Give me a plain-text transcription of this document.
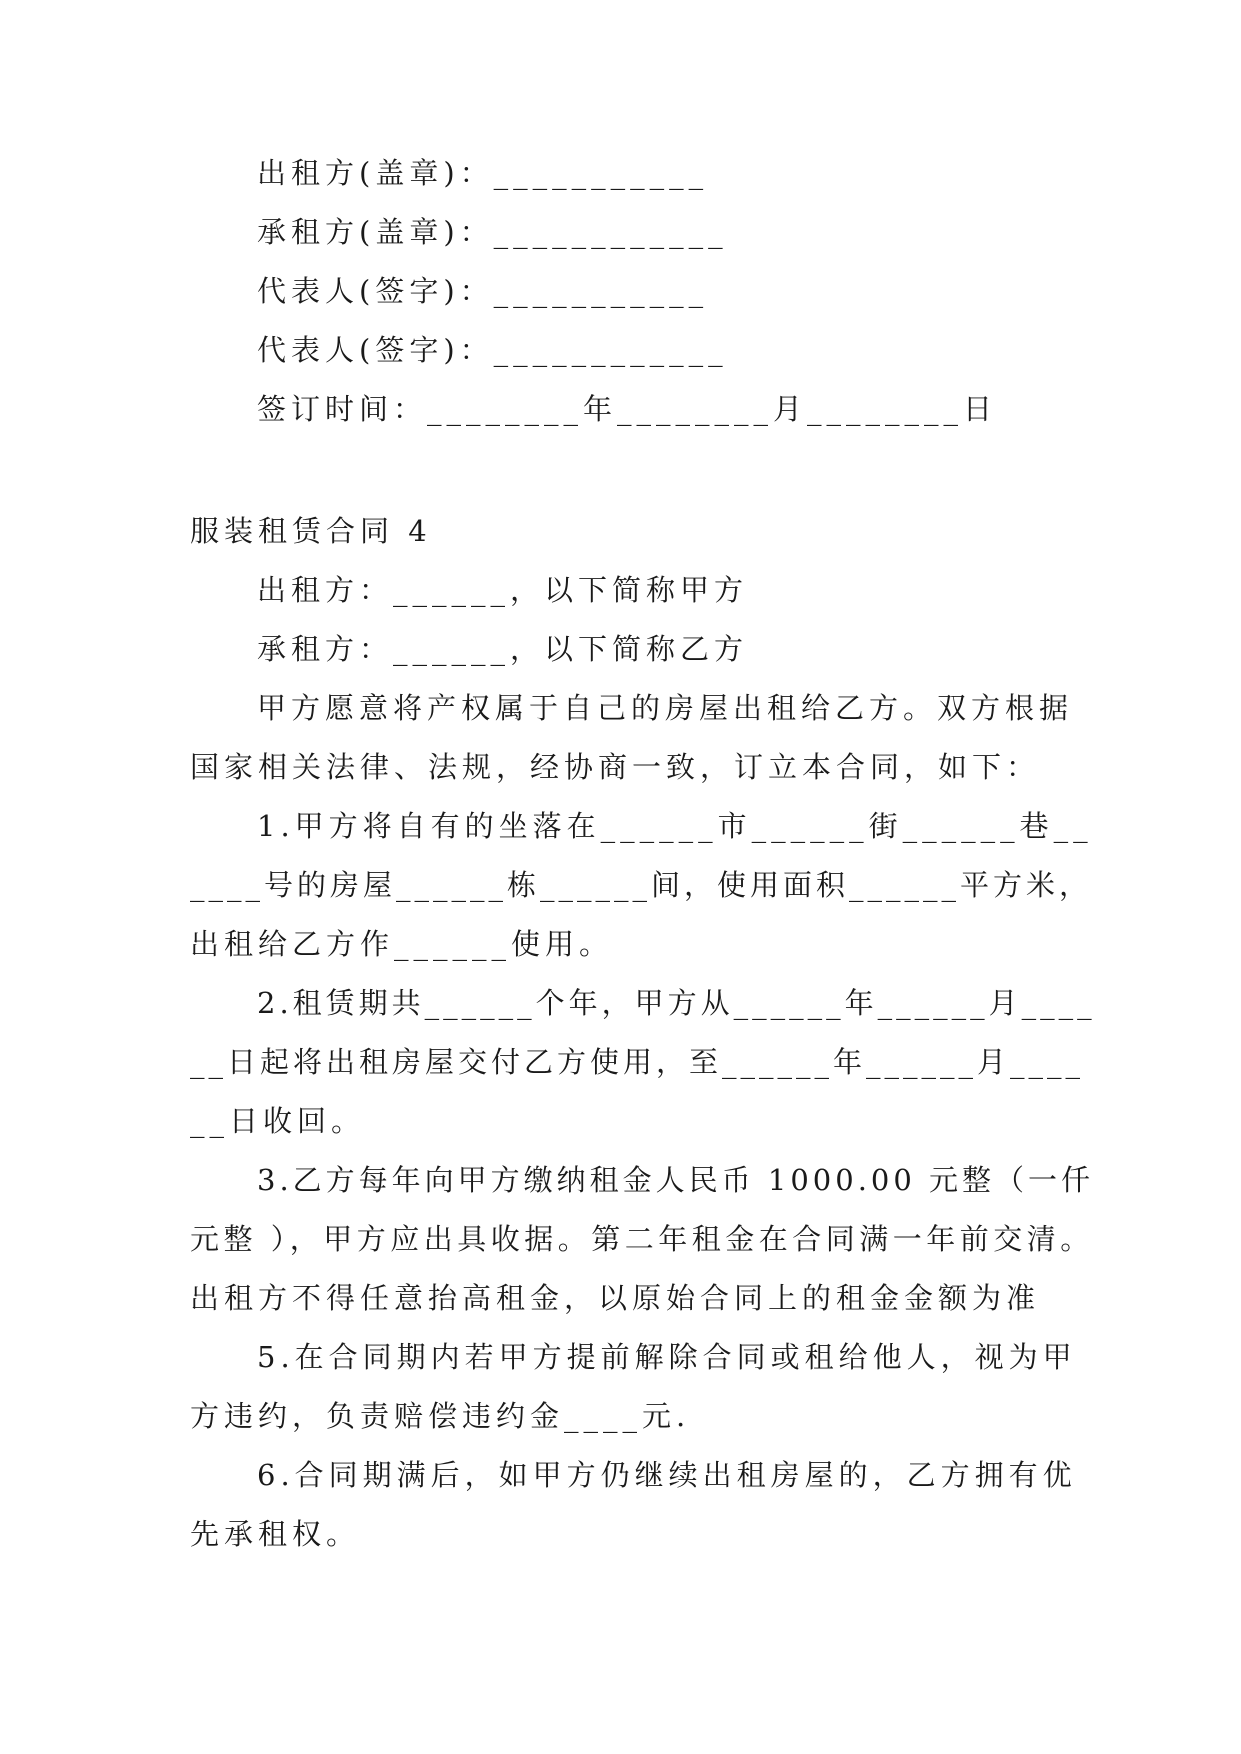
出租方(盖章)：___________
承租方(盖章)：____________
代表人(签字)：___________
代表人(签字)：____________
签订时间：________年________月________日
服装租赁合同 4
出租方：______，以下简称甲方
承租方：______，以下简称乙方
甲方愿意将产权属于自己的房屋出租给乙方。双方根据
国家相关法律、法规，经协商一致，订立本合同，如下：
1.甲方将自有的坐落在______市______街______巷__
____号的房屋______栋______间，使用面积______平方米，
出租给乙方作______使用。
2.租赁期共______个年，甲方从______年______月____
__日起将出租房屋交付乙方使用，至______年______月____
__日收回。
3.乙方每年向甲方缴纳租金人民币 1000.00 元整（一仟
元整 ），甲方应出具收据。第二年租金在合同满一年前交清。
出租方不得任意抬高租金，以原始合同上的租金金额为准
5.在合同期内若甲方提前解除合同或租给他人，视为甲
方违约，负责赔偿违约金____元.
6.合同期满后，如甲方仍继续出租房屋的，乙方拥有优
先承租权。
